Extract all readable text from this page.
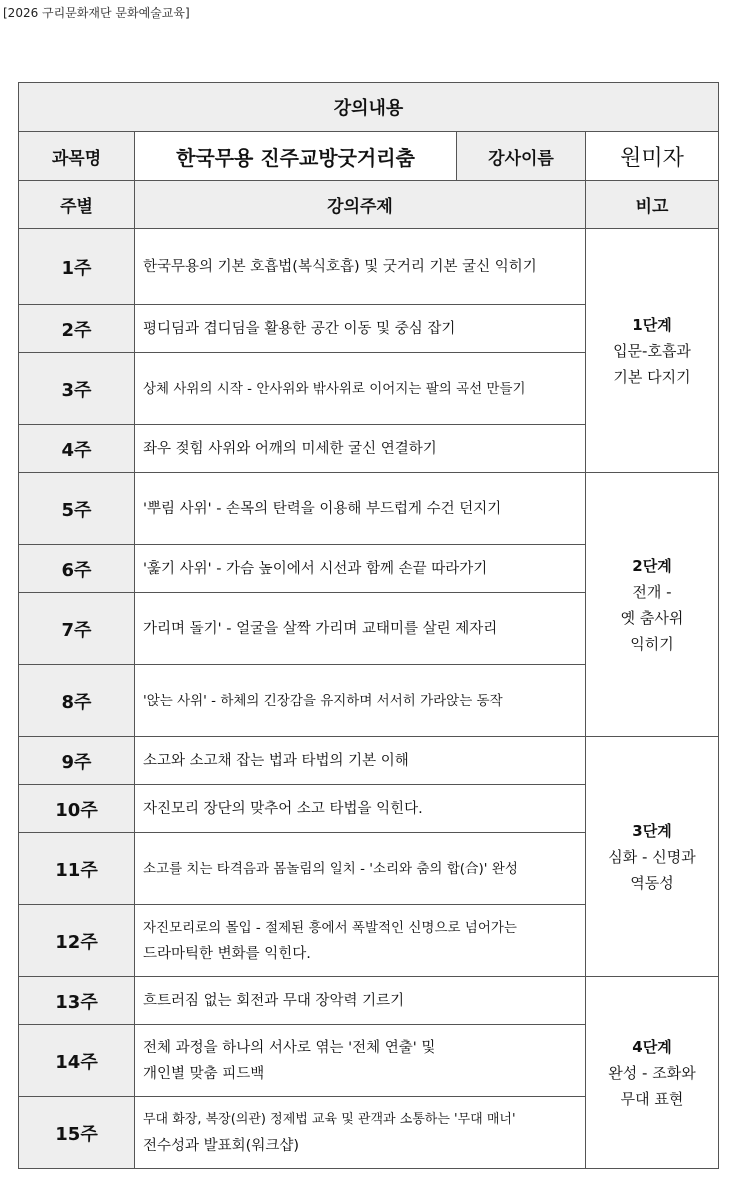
[2026 구리문화재단 문화예술교육]
강의내용			
과목명	한국무용 진주교방굿거리춤	강사이름	원미자
주별	강의주제		비고
1주	한국무용의 기본 호흡법(복식호흡) 및 굿거리 기본 굴신 익히기		1단계
입문-호흡과
기본 다지기

2주	평디딤과 겹디딤을 활용한 공간 이동 및 중심 잡기		

3주	상체 사위의 시작 - 안사위와 밖사위로 이어지는 팔의 곡선 만들기		

4주	좌우 젖힘 사위와 어깨의 미세한 굴신 연결하기		

5주	'뿌림 사위' - 손목의 탄력을 이용해 부드럽게 수건 던지기		2단계
전개 -
옛 춤사위
익히기

6주	'훑기 사위' - 가슴 높이에서 시선과 함께 손끝 따라가기		

7주	가리며 돌기' - 얼굴을 살짝 가리며 교태미를 살린 제자리		

8주	'앉는 사위' - 하체의 긴장감을 유지하며 서서히 가라앉는 동작		

9주	소고와 소고채 잡는 법과 타법의 기본 이해		3단계
심화 - 신명과
역동성

10주	자진모리 장단의 맞추어 소고 타법을 익힌다.		

11주	소고를 치는 타격음과 몸놀림의 일치 - '소리와 춤의 합(合)' 완성		

12주	자진모리로의 몰입 - 절제된 흥에서 폭발적인 신명으로 넘어가는
드라마틱한 변화를 익힌다.		

13주	흐트러짐 없는 회전과 무대 장악력 기르기		4단계
완성 - 조화와
무대 표현

14주	전체 과정을 하나의 서사로 엮는 '전체 연출' 및
개인별 맞춤 피드백		

15주	무대 화장, 복장(의관) 정제법 교육 및 관객과 소통하는 '무대 매너'
전수성과 발표회(워크샵)		
